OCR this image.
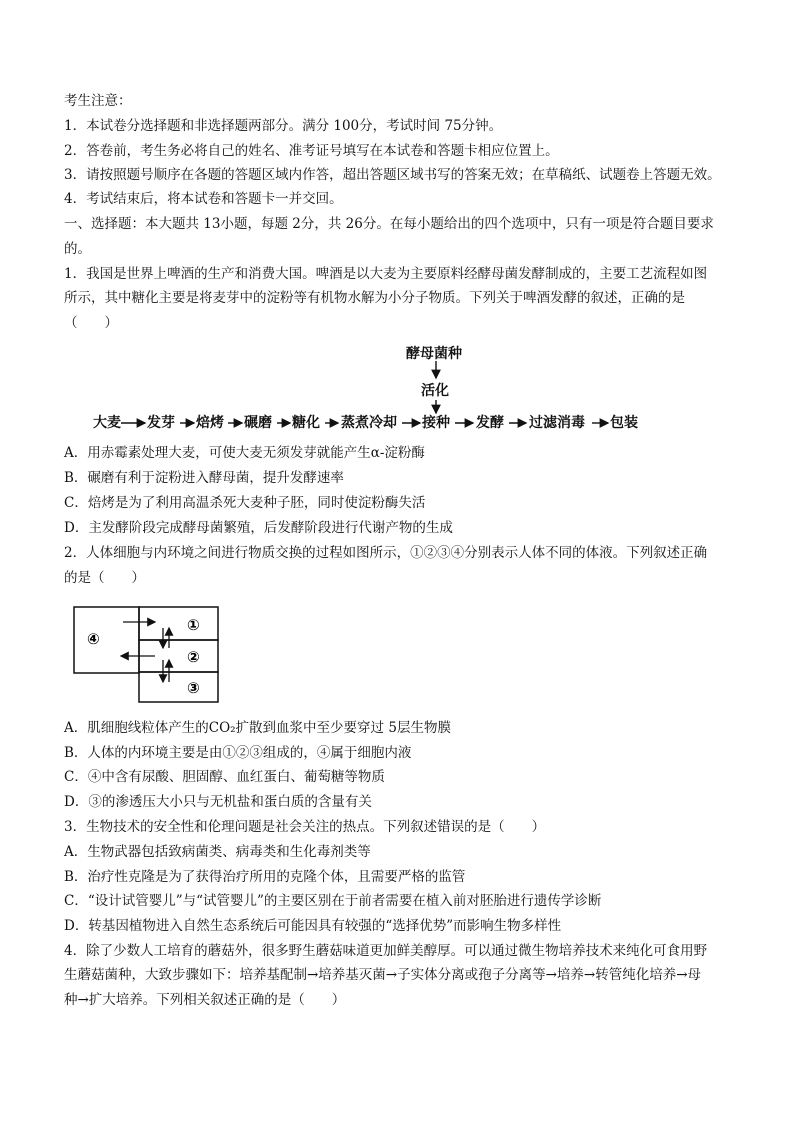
考生注意：
1．本试卷分选择题和非选择题两部分。满分 100分，考试时间 75分钟。
2．答卷前，考生务必将自己的姓名、准考证号填写在本试卷和答题卡相应位置上。
3．请按照题号顺序在各题的答题区域内作答，超出答题区域书写的答案无效；在草稿纸、试题卷上答题无效。
4．考试结束后，将本试卷和答题卡一并交回。
一、选择题：本大题共 13小题，每题 2分，共 26分。在每小题给出的四个选项中，只有一项是符合题目要求
的。
1．我国是世界上啤酒的生产和消费大国。啤酒是以大麦为主要原料经酵母菌发酵制成的，主要工艺流程如图
所示，其中糖化主要是将麦芽中的淀粉等有机物水解为小分子物质。下列关于啤酒发酵的叙述，正确的是
（　　）
酵母菌种
活化
大麦 发芽 焙烤 碾磨 糖化 蒸煮冷却 接种 发酵 过滤消毒 包装
A．用赤霉素处理大麦，可使大麦无须发芽就能产生α-淀粉酶
B．碾磨有利于淀粉进入酵母菌，提升发酵速率
C．焙烤是为了利用高温杀死大麦种子胚，同时使淀粉酶失活
D．主发酵阶段完成酵母菌繁殖，后发酵阶段进行代谢产物的生成
2．人体细胞与内环境之间进行物质交换的过程如图所示，①②③④分别表示人体不同的体液。下列叙述正确
的是（　　）
④
①
②
③
A．肌细胞线粒体产生的CO₂扩散到血浆中至少要穿过 5层生物膜
B．人体的内环境主要是由①②③组成的，④属于细胞内液
C．④中含有尿酸、胆固醇、血红蛋白、葡萄糖等物质
D．③的渗透压大小只与无机盐和蛋白质的含量有关
3．生物技术的安全性和伦理问题是社会关注的热点。下列叙述错误的是（　　）
A．生物武器包括致病菌类、病毒类和生化毒剂类等
B．治疗性克隆是为了获得治疗所用的克隆个体，且需要严格的监管
C．“设计试管婴儿”与“试管婴儿”的主要区别在于前者需要在植入前对胚胎进行遗传学诊断
D．转基因植物进入自然生态系统后可能因具有较强的“选择优势”而影响生物多样性
4．除了少数人工培育的蘑菇外，很多野生蘑菇味道更加鲜美醇厚。可以通过微生物培养技术来纯化可食用野
生蘑菇菌种，大致步骤如下：培养基配制→培养基灭菌→子实体分离或孢子分离等→培养→转管纯化培养→母
种→扩大培养。下列相关叙述正确的是（　　）
